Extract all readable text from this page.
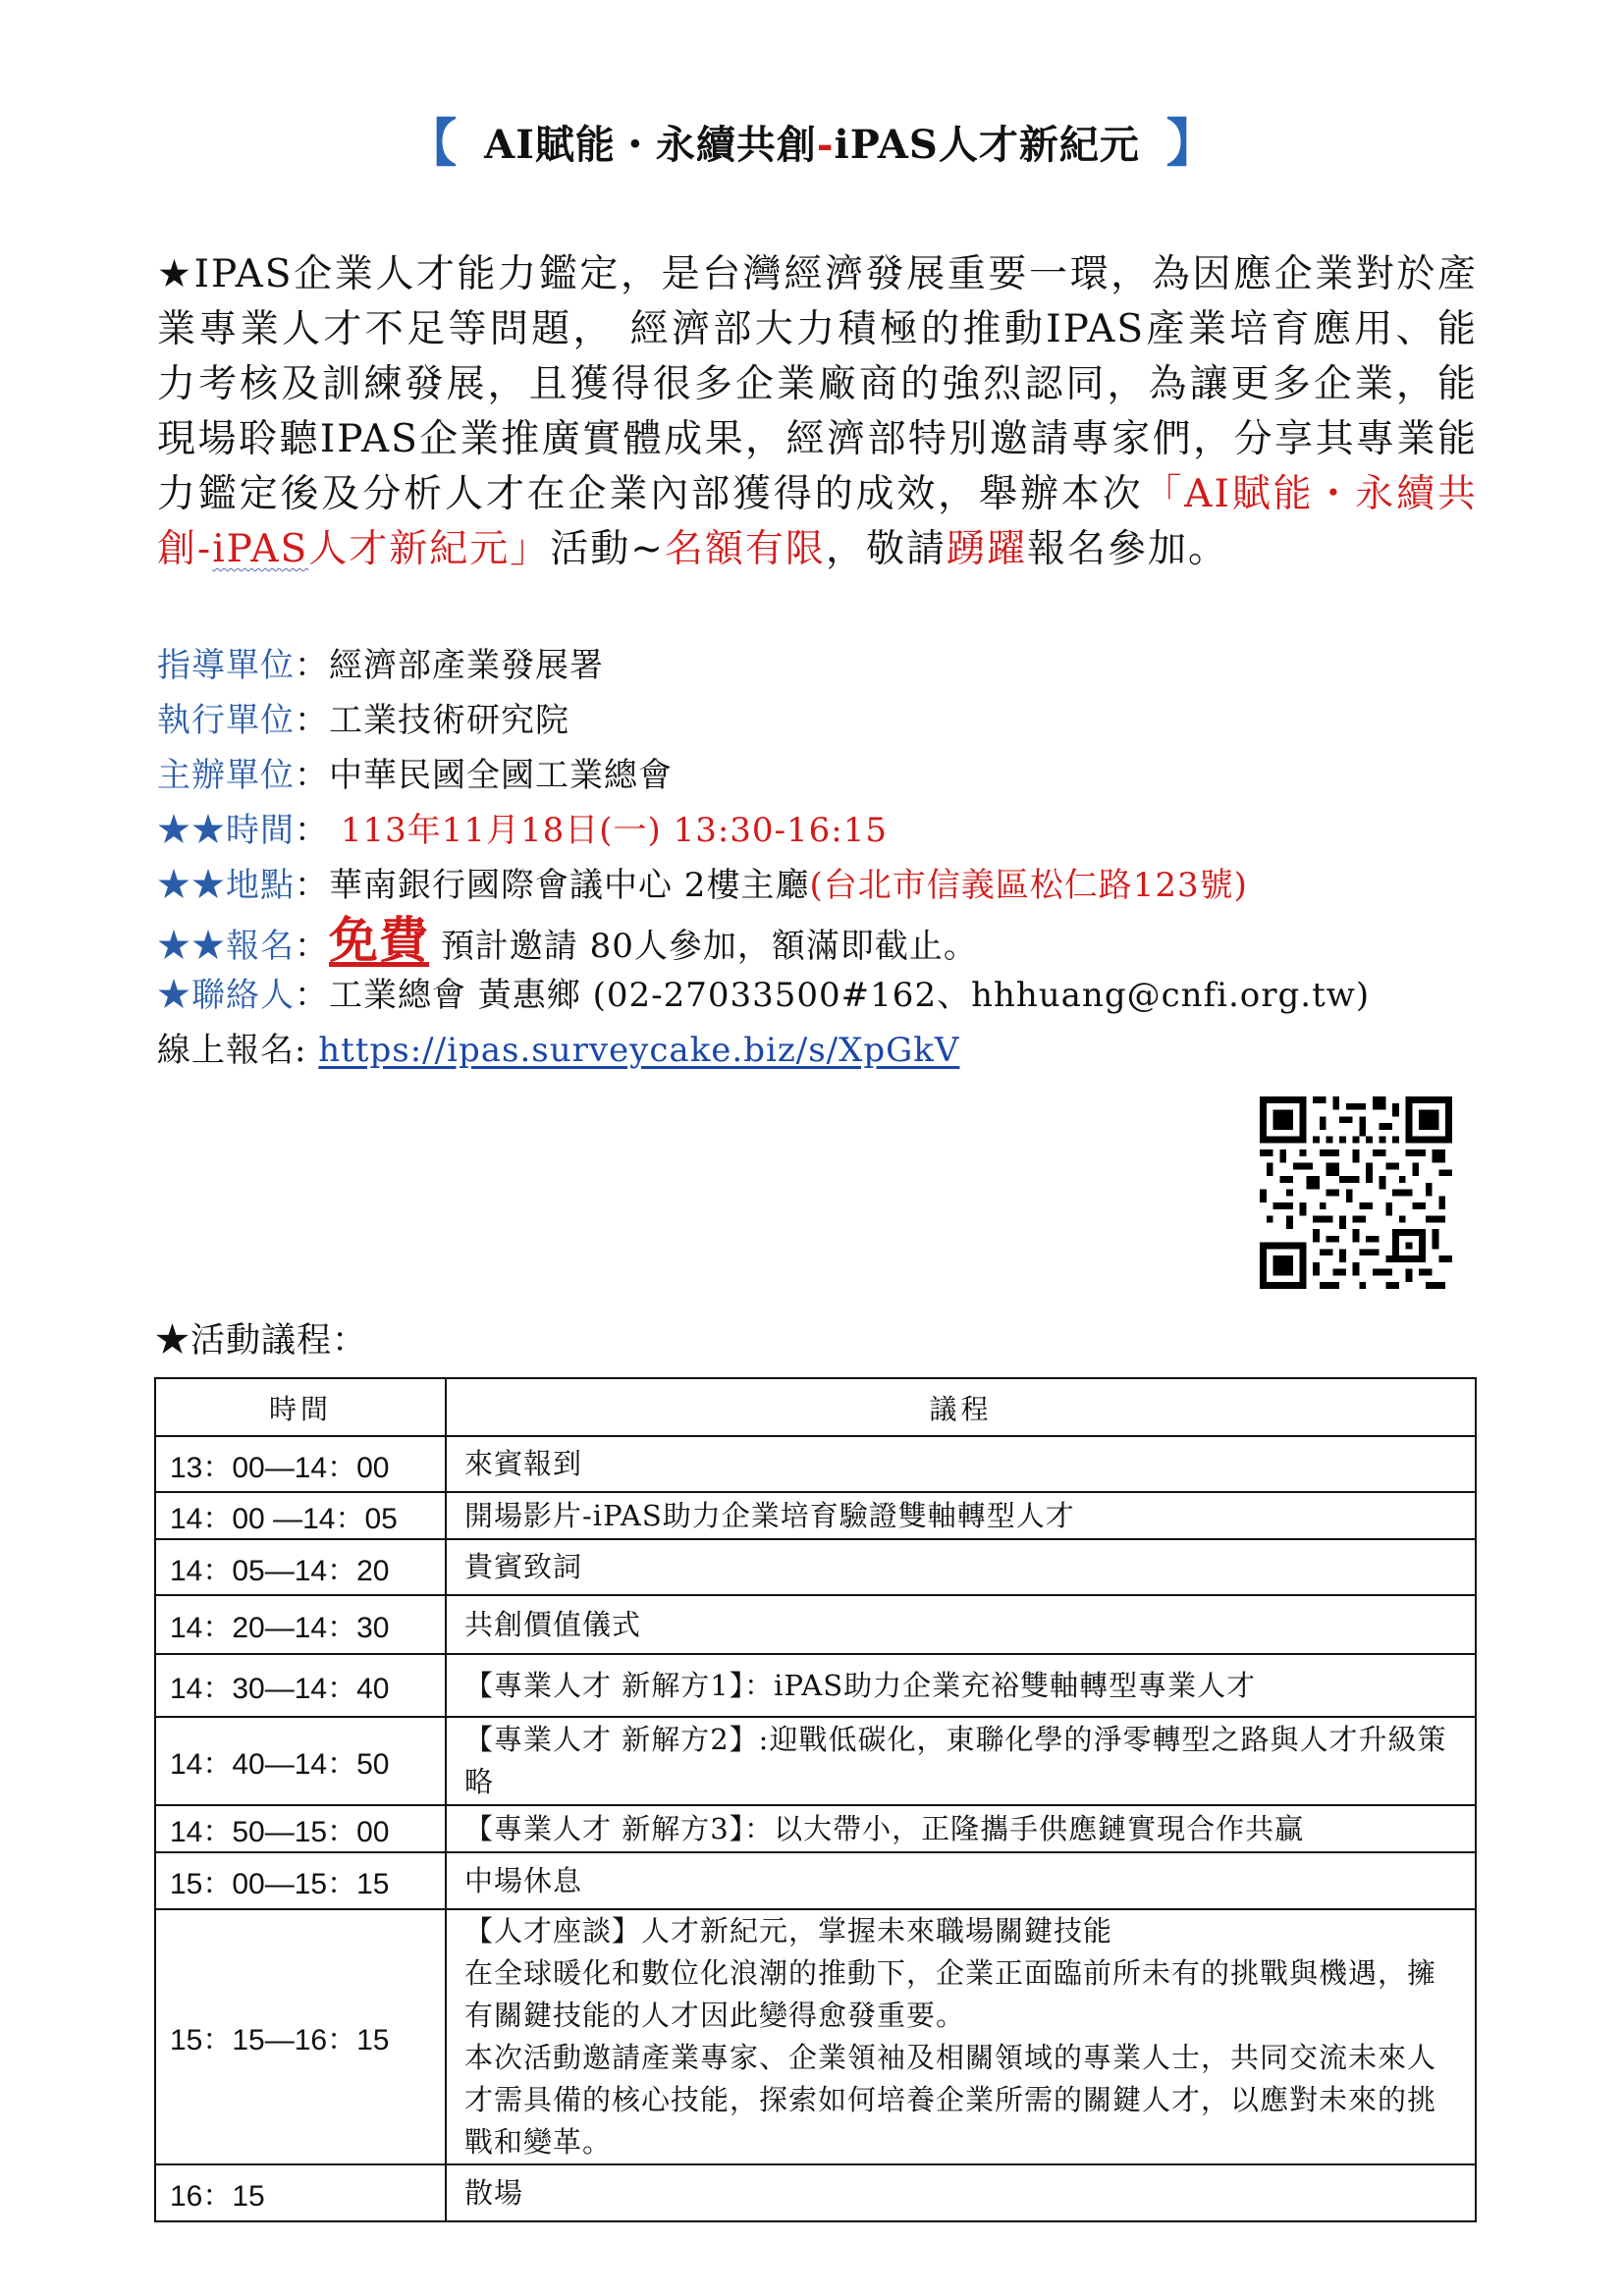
【 AI賦能・永續共創-iPAS人才新紀元 】
★IPAS企業人才能力鑑定，是台灣經濟發展重要一環，為因應企業對於產業專業人才不足等問題， 經濟部大力積極的推動IPAS產業培育應用、能力考核及訓練發展，且獲得很多企業廠商的強烈認同，為讓更多企業，能現場聆聽IPAS企業推廣實體成果，經濟部特別邀請專家們，分享其專業能力鑑定後及分析人才在企業內部獲得的成效，舉辦本次「AI賦能・永續共創-iPAS人才新紀元」活動~名額有限，敬請踴躍報名參加。
指導單位：經濟部產業發展署
執行單位：工業技術研究院
主辦單位：中華民國全國工業總會
★★時間： 113年11月18日(一) 13:30-16:15
★★地點：華南銀行國際會議中心 2樓主廳(台北市信義區松仁路123號)
★★報名：免費 預計邀請 80人參加，額滿即截止。
★聯絡人：工業總會 黃惠鄉 (02-27033500#162、hhhuang@cnfi.org.tw)
線上報名: https://ipas.surveycake.biz/s/XpGkV
★活動議程：
時間	議程
13：00—14：00	來賓報到
14：00 —14：05	開場影片-iPAS助力企業培育驗證雙軸轉型人才
14：05—14：20	貴賓致詞
14：20—14：30	共創價值儀式
14：30—14：40	【專業人才 新解方1】：iPAS助力企業充裕雙軸轉型專業人才
14：40—14：50	【專業人才 新解方2】:迎戰低碳化，東聯化學的淨零轉型之路與人才升級策略
14：50—15：00	【專業人才 新解方3】：以大帶小，正隆攜手供應鏈實現合作共贏
15：00—15：15	中場休息
15：15—16：15	【人才座談】人才新紀元，掌握未來職場關鍵技能

在全球暖化和數位化浪潮的推動下，企業正面臨前所未有的挑戰與機遇，擁有關鍵技能的人才因此變得愈發重要。

本次活動邀請產業專家、企業領袖及相關領域的專業人士，共同交流未來人才需具備的核心技能，探索如何培養企業所需的關鍵人才，以應對未來的挑戰和變革。

16：15	散場
